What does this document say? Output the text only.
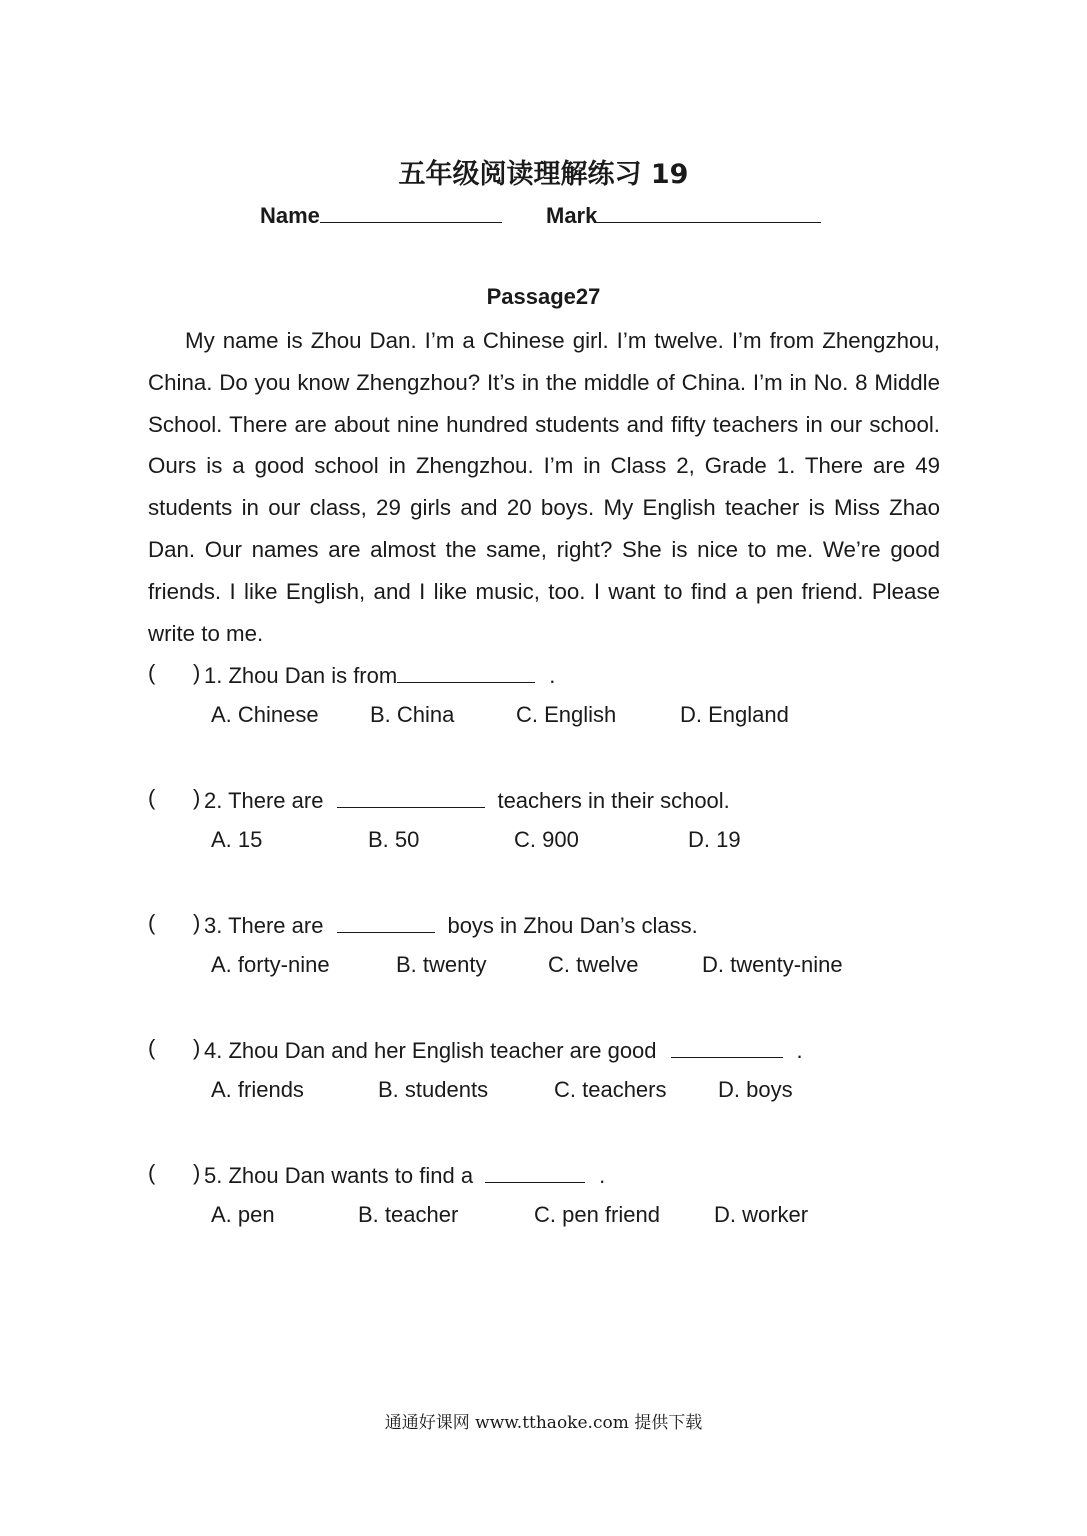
五年级阅读理解练习 19
Name	Mark
Passage27
My name is Zhou Dan. I’m a Chinese girl. I’m twelve. I’m from Zhengzhou, China. Do you know Zhengzhou? It’s in the middle of China. I’m in No. 8 Middle School. There are about nine hundred students and fifty teachers in our school. Ours is a good school in Zhengzhou. I’m in Class 2, Grade 1. There are 49 students in our class, 29 girls and 20 boys. My English teacher is Miss Zhao Dan. Our names are almost the same, right? She is nice to me. We’re good friends. I like English, and I like music, too. I want to find a pen friend. Please write to me.
( ) 1. Zhou Dan is from	.
A. Chinese B. China	C. English	D. England
( ) 2. There are	teachers in their school.
A. 15	B. 50	C. 900	D. 19
( ) 3. There are	boys in Zhou Dan’s class.
A. forty-nine	B. twenty	C. twelve	D. twenty-nine
( ) 4. Zhou Dan and her English teacher are good	.
A. friends	B. students	C. teachers D. boys
( ) 5. Zhou Dan wants to find a	.
A. pen	B. teacher	C. pen friend D. worker
通通好课网 www.tthaoke.com 提供下载
